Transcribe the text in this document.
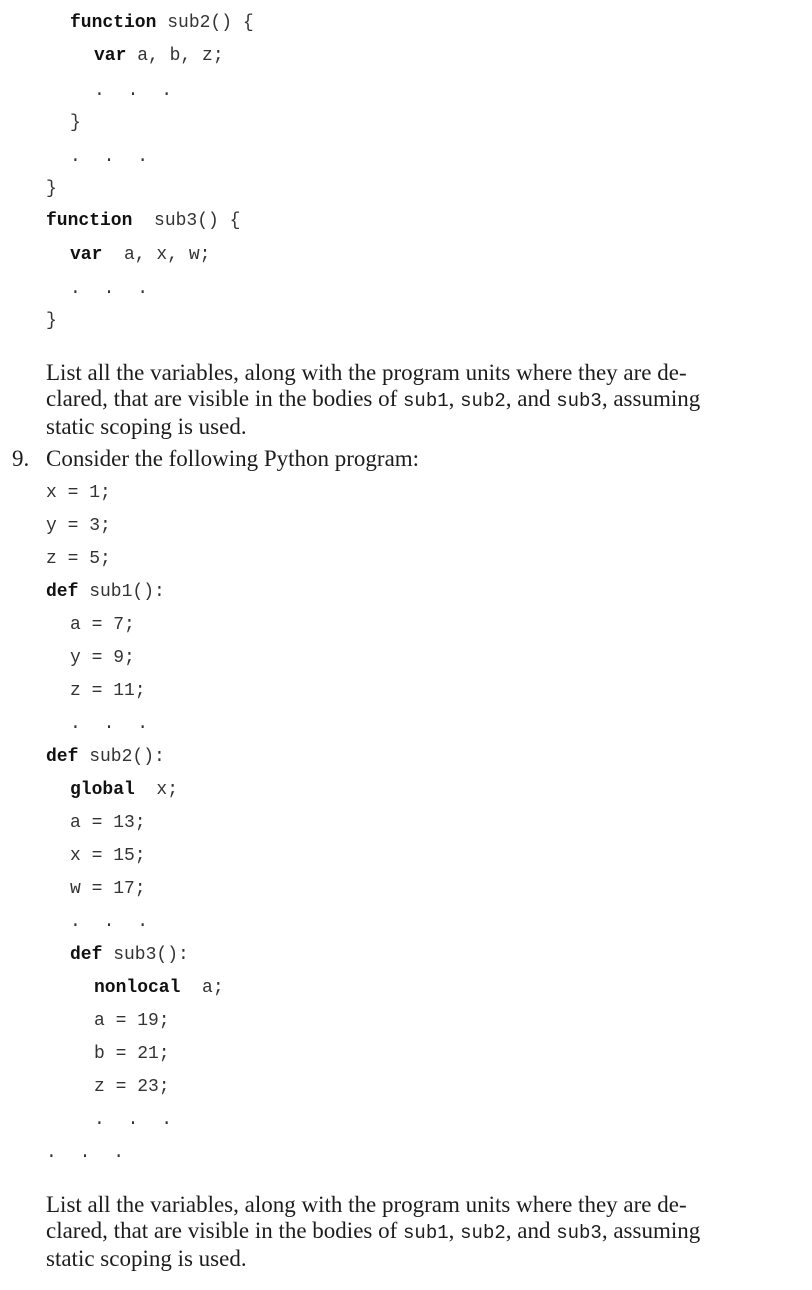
function sub2() {
var a, b, z;
. . .
}
. . .
}
function  sub3() {
var  a, x, w;
. . .
}
List all the variables, along with the program units where they are de-clared, that are visible in the bodies of sub1, sub2, and sub3, assuming static scoping is used.
9. Consider the following Python program:
x = 1;
y = 3;
z = 5;
def sub1():
a = 7;
y = 9;
z = 11;
. . .
def sub2():
global  x;
a = 13;
x = 15;
w = 17;
. . .
def sub3():
nonlocal  a;
a = 19;
b = 21;
z = 23;
. . .
. . .
List all the variables, along with the program units where they are de-clared, that are visible in the bodies of sub1, sub2, and sub3, assuming static scoping is used.
